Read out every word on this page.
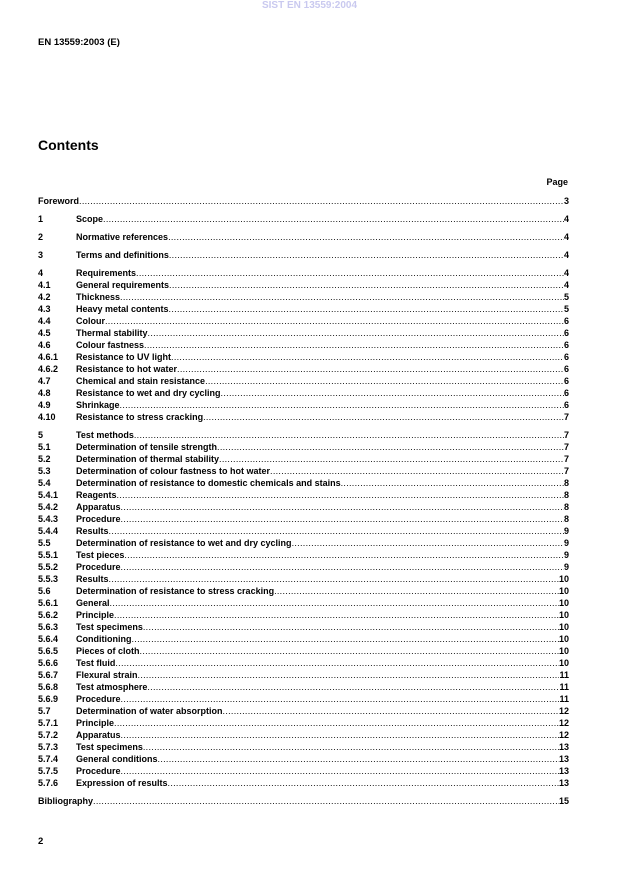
SIST EN 13559:2004
EN 13559:2003 (E)
Contents
Page
Foreword .....	3
1	Scope .....	4
2	Normative references .....	4
3	Terms and definitions .....	4
4	Requirements .....	4
4.1	General requirements .....	4
4.2	Thickness .....	5
4.3	Heavy metal contents .....	5
4.4	Colour .....	6
4.5	Thermal stability .....	6
4.6	Colour fastness .....	6
4.6.1	Resistance to UV light .....	6
4.6.2	Resistance to hot water .....	6
4.7	Chemical and stain resistance .....	6
4.8	Resistance to wet and dry cycling .....	6
4.9	Shrinkage .....	6
4.10	Resistance to stress cracking .....	7
5	Test methods .....	7
5.1	Determination of tensile strength .....	7
5.2	Determination of thermal stability .....	7
5.3	Determination of colour fastness to hot water .....	7
5.4	Determination of resistance to domestic chemicals and stains .....	8
5.4.1	Reagents .....	8
5.4.2	Apparatus .....	8
5.4.3	Procedure .....	8
5.4.4	Results .....	9
5.5	Determination of resistance to wet and dry cycling .....	9
5.5.1	Test pieces .....	9
5.5.2	Procedure .....	9
5.5.3	Results .....	10
5.6	Determination of resistance to stress cracking .....	10
5.6.1	General .....	10
5.6.2	Principle .....	10
5.6.3	Test specimens .....	10
5.6.4	Conditioning .....	10
5.6.5	Pieces of cloth .....	10
5.6.6	Test fluid .....	10
5.6.7	Flexural strain .....	11
5.6.8	Test atmosphere .....	11
5.6.9	Procedure .....	11
5.7	Determination of water absorption .....	12
5.7.1	Principle .....	12
5.7.2	Apparatus .....	12
5.7.3	Test specimens .....	13
5.7.4	General conditions .....	13
5.7.5	Procedure .....	13
5.7.6	Expression of results .....	13
Bibliography .....	15
2
